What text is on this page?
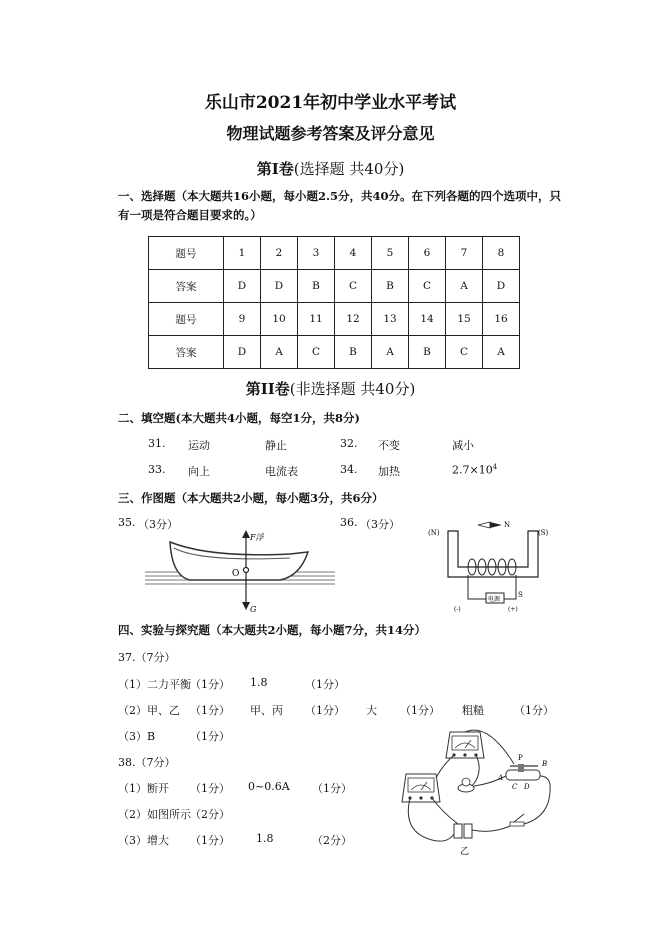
乐山市2021年初中学业水平考试
物理试题参考答案及评分意见
第Ⅰ卷(选择题 共40分)
一、选择题（本大题共16小题，每小题2.5分，共40分。在下列各题的四个选项中，只
有一项是符合题目要求的。）
题号	1	2	3	4	5	6	7	8
答案	D	D	B	C	B	C	A	D
题号	9	10	11	12	13	14	15	16
答案	D	A	C	B	A	B	C	A
第II卷(非选择题 共40分)
二、填空题(本大题共4小题，每空1分，共8分)
31. 运动	静止	32. 不变	减小
33. 向上	电流表	34. 加热	$2.7\times 10^4$
三、作图题（本大题共2小题，每小题3分，共6分）
35. （3分）	36. （3分）
F浮
O
G
N
(N)	(S)
电源
S
(-)	(+)
四、实验与探究题（本大题共2小题，每小题7分，共14分）
37.（7分）
（1）二力平衡 （1分） 1.8	（1分）
（2）甲、乙 （1分） 甲、丙 （1分） 大 （1分） 粗糙	（1分）
（3）B	（1分）
38.（7分）
（1）断开 （1分） 0~0.6A （1分）
（2）如图所示 （2分）
（3）增大 （1分） 1.8	（2分）
P
B
A
C D
乙
